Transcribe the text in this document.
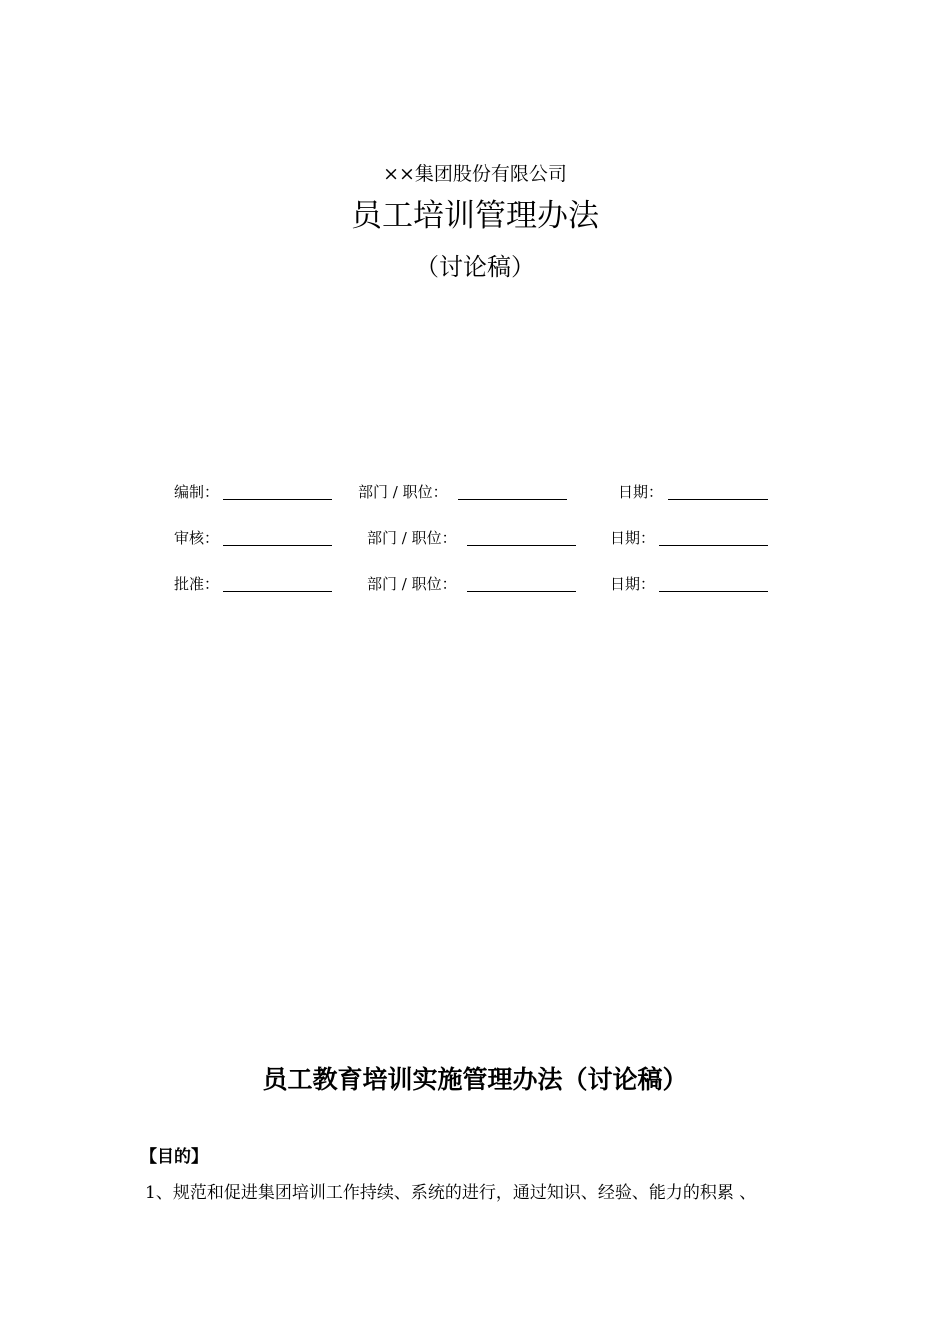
××集团股份有限公司
员工培训管理办法
（讨论稿）
编制：	部门 / 职位：	日期：
审核：	部门 / 职位：	日期：
批准：	部门 / 职位：	日期：
员工教育培训实施管理办法（讨论稿）
【目的】
1、规范和促进集团培训工作持续、系统的进行，通过知识、经验、能力的积累 、
